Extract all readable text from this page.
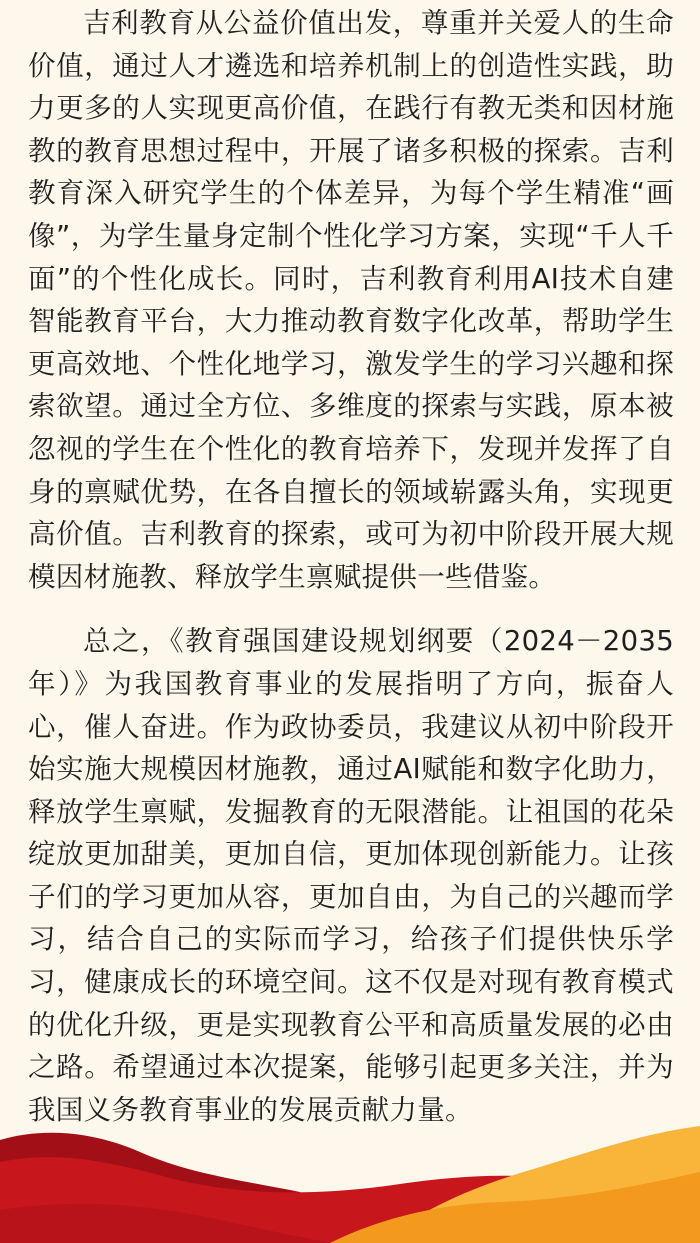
吉利教育从公益价值出发，尊重并关爱人的生命价值，通过人才遴选和培养机制上的创造性实践，助力更多的人实现更高价值，在践行有教无类和因材施教的教育思想过程中，开展了诸多积极的探索。吉利教育深入研究学生的个体差异，为每个学生精准“画像”，为学生量身定制个性化学习方案，实现“千人千面”的个性化成长。同时，吉利教育利用AI技术自建智能教育平台，大力推动教育数字化改革，帮助学生更高效地、个性化地学习，激发学生的学习兴趣和探索欲望。通过全方位、多维度的探索与实践，原本被忽视的学生在个性化的教育培养下，发现并发挥了自身的禀赋优势，在各自擅长的领域崭露头角，实现更高价值。吉利教育的探索，或可为初中阶段开展大规模因材施教、释放学生禀赋提供一些借鉴。

总之，《教育强国建设规划纲要（2024－2035年）》为我国教育事业的发展指明了方向，振奋人心，催人奋进。作为政协委员，我建议从初中阶段开始实施大规模因材施教，通过AI赋能和数字化助力，释放学生禀赋，发掘教育的无限潜能。让祖国的花朵绽放更加甜美，更加自信，更加体现创新能力。让孩子们的学习更加从容，更加自由，为自己的兴趣而学习，结合自己的实际而学习，给孩子们提供快乐学习，健康成长的环境空间。这不仅是对现有教育模式的优化升级，更是实现教育公平和高质量发展的必由之路。希望通过本次提案，能够引起更多关注，并为我国义务教育事业的发展贡献力量。
